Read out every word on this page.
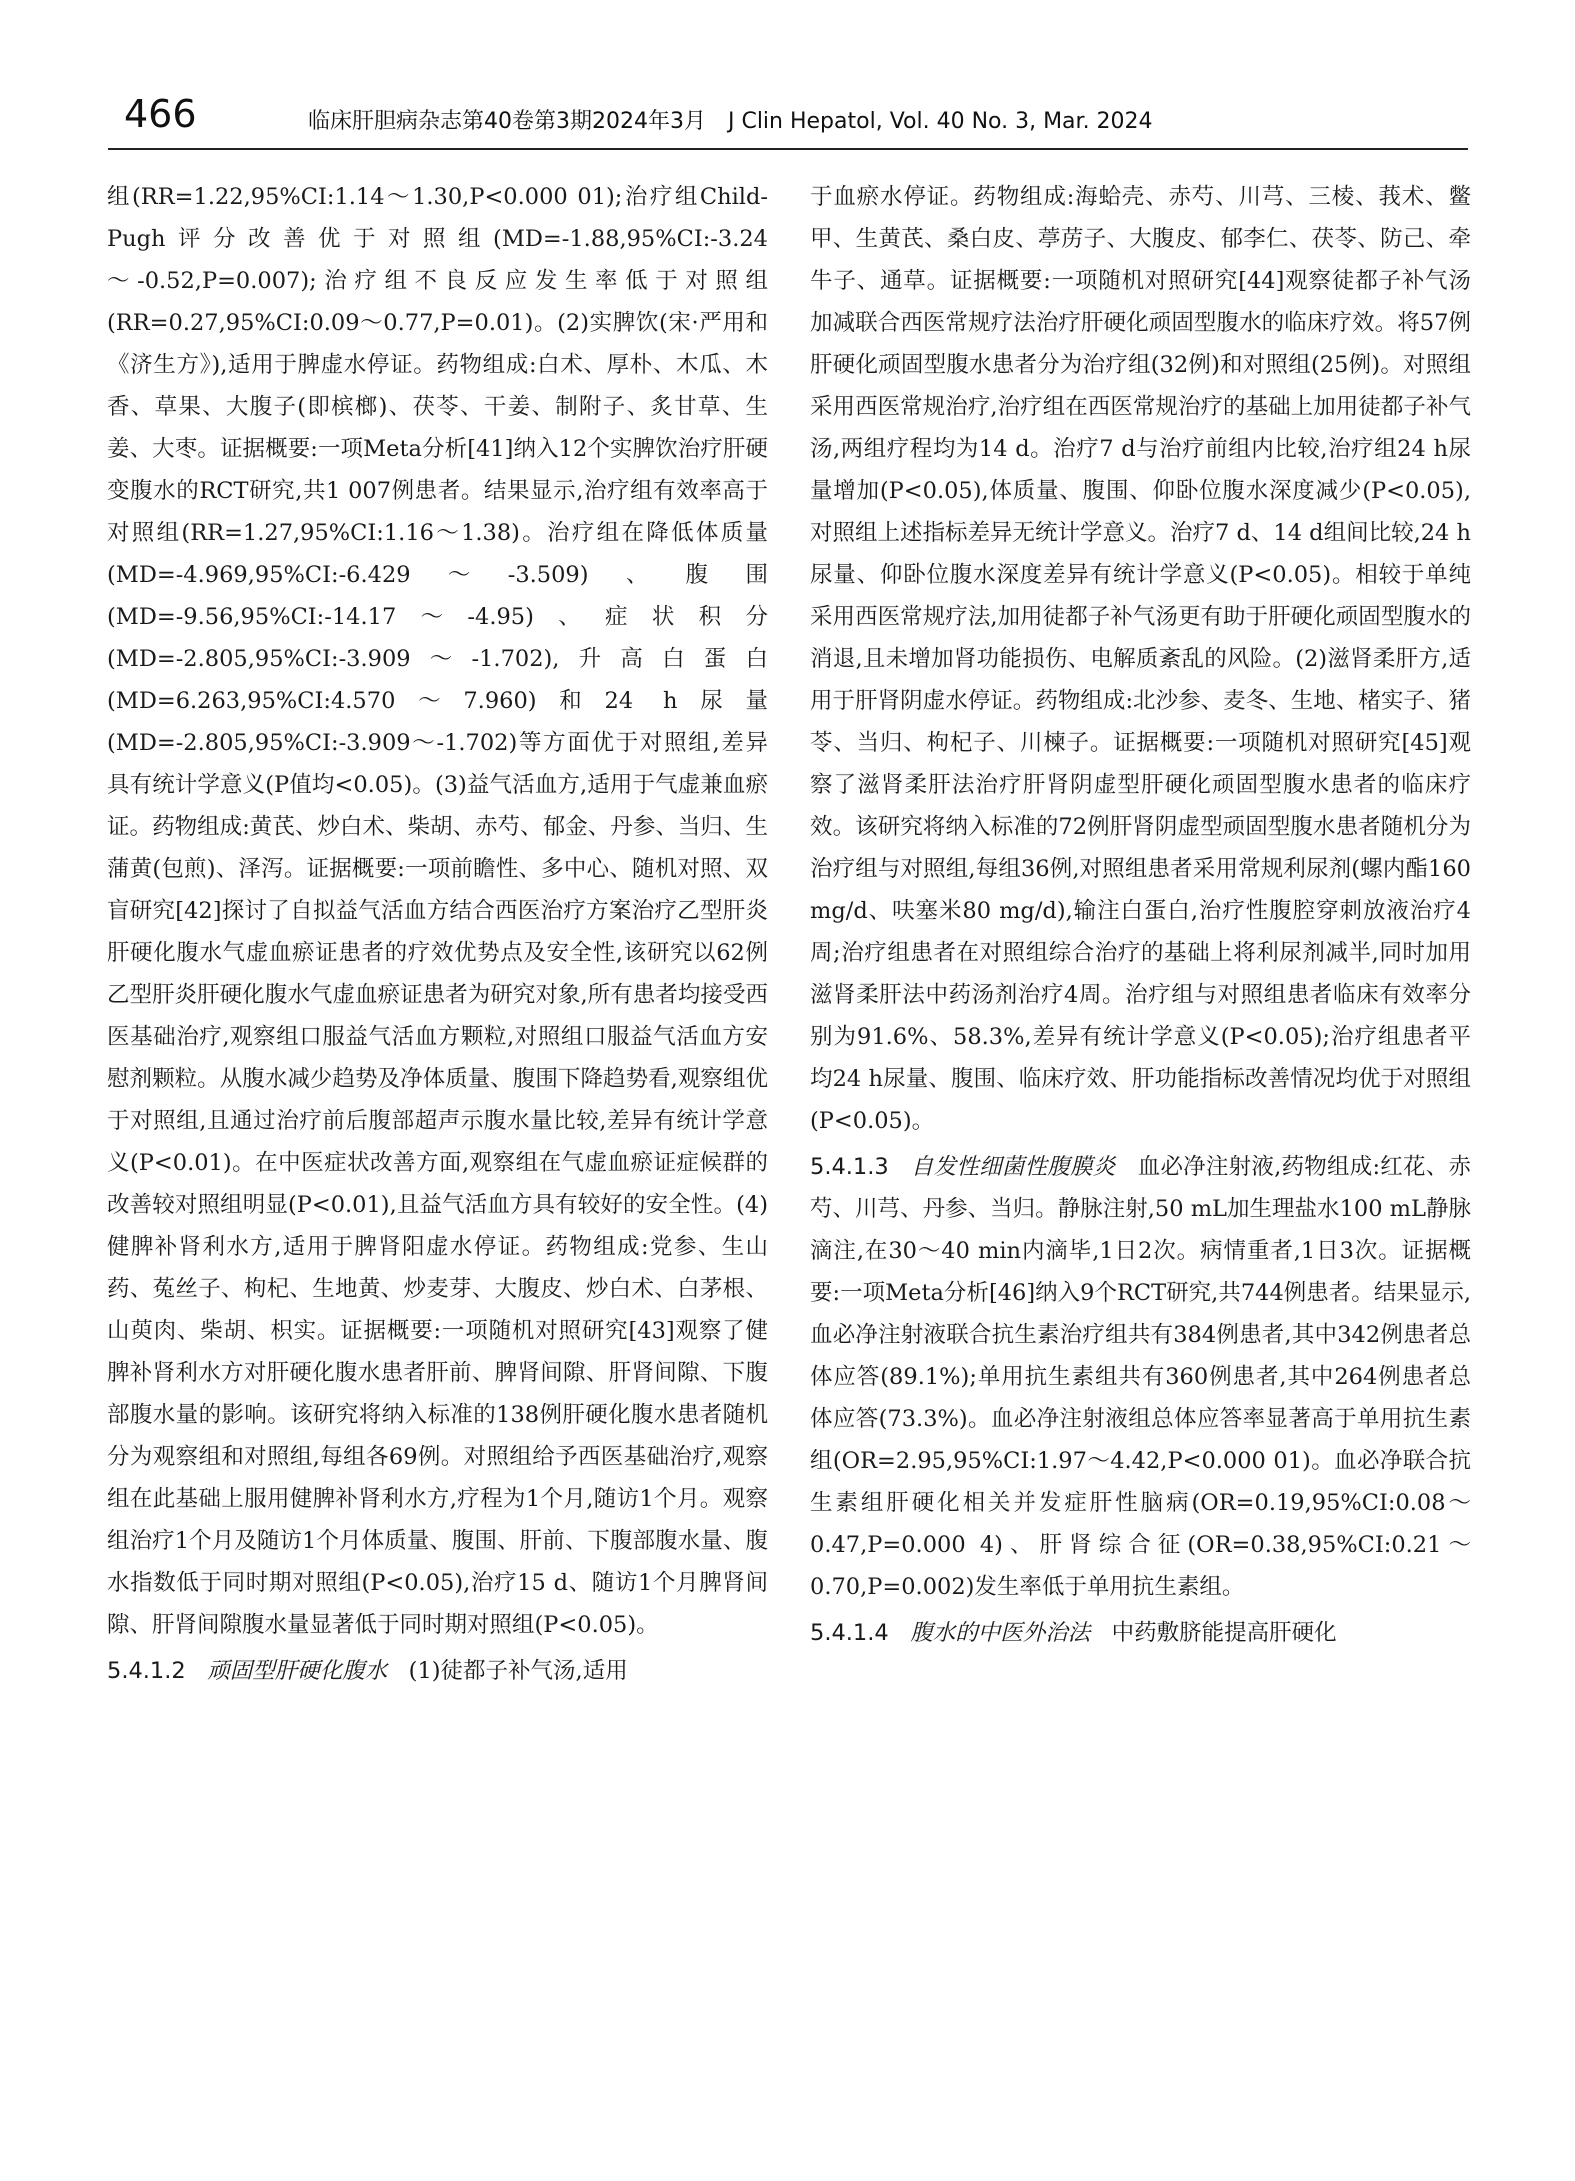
466	临床肝胆病杂志第40卷第3期2024年3月　J Clin Hepatol, Vol. 40 No. 3, Mar. 2024

组(RR=1.22,95%CI:1.14～1.30,P<0.000 01);治疗组Child-Pugh评分改善优于对照组(MD=-1.88,95%CI:-3.24～-0.52,P=0.007);治疗组不良反应发生率低于对照组(RR=0.27,95%CI:0.09～0.77,P=0.01)。(2)实脾饮(宋·严用和《济生方》),适用于脾虚水停证。药物组成:白术、厚朴、木瓜、木香、草果、大腹子(即槟榔)、茯苓、干姜、制附子、炙甘草、生姜、大枣。证据概要:一项Meta分析[41]纳入12个实脾饮治疗肝硬变腹水的RCT研究,共1 007例患者。结果显示,治疗组有效率高于对照组(RR=1.27,95%CI:1.16～1.38)。治疗组在降低体质量(MD=-4.969,95%CI:-6.429～-3.509)、腹围(MD=-9.56,95%CI:-14.17～-4.95)、症状积分(MD=-2.805,95%CI:-3.909～-1.702),升高白蛋白(MD=6.263,95%CI:4.570～7.960)和24 h尿量(MD=-2.805,95%CI:-3.909～-1.702)等方面优于对照组,差异具有统计学意义(P值均<0.05)。(3)益气活血方,适用于气虚兼血瘀证。药物组成:黄芪、炒白术、柴胡、赤芍、郁金、丹参、当归、生蒲黄(包煎)、泽泻。证据概要:一项前瞻性、多中心、随机对照、双盲研究[42]探讨了自拟益气活血方结合西医治疗方案治疗乙型肝炎肝硬化腹水气虚血瘀证患者的疗效优势点及安全性,该研究以62例乙型肝炎肝硬化腹水气虚血瘀证患者为研究对象,所有患者均接受西医基础治疗,观察组口服益气活血方颗粒,对照组口服益气活血方安慰剂颗粒。从腹水减少趋势及净体质量、腹围下降趋势看,观察组优于对照组,且通过治疗前后腹部超声示腹水量比较,差异有统计学意义(P<0.01)。在中医症状改善方面,观察组在气虚血瘀证症候群的改善较对照组明显(P<0.01),且益气活血方具有较好的安全性。(4)健脾补肾利水方,适用于脾肾阳虚水停证。药物组成:党参、生山药、菟丝子、枸杞、生地黄、炒麦芽、大腹皮、炒白术、白茅根、山萸肉、柴胡、枳实。证据概要:一项随机对照研究[43]观察了健脾补肾利水方对肝硬化腹水患者肝前、脾肾间隙、肝肾间隙、下腹部腹水量的影响。该研究将纳入标准的138例肝硬化腹水患者随机分为观察组和对照组,每组各69例。对照组给予西医基础治疗,观察组在此基础上服用健脾补肾利水方,疗程为1个月,随访1个月。观察组治疗1个月及随访1个月体质量、腹围、肝前、下腹部腹水量、腹水指数低于同时期对照组(P<0.05),治疗15 d、随访1个月脾肾间隙、肝肾间隙腹水量显著低于同时期对照组(P<0.05)。

5.4.1.2 顽固型肝硬化腹水 (1)徒都子补气汤,适用

于血瘀水停证。药物组成:海蛤壳、赤芍、川芎、三棱、莪术、鳖甲、生黄芪、桑白皮、葶苈子、大腹皮、郁李仁、茯苓、防己、牵牛子、通草。证据概要:一项随机对照研究[44]观察徒都子补气汤加减联合西医常规疗法治疗肝硬化顽固型腹水的临床疗效。将57例肝硬化顽固型腹水患者分为治疗组(32例)和对照组(25例)。对照组采用西医常规治疗,治疗组在西医常规治疗的基础上加用徒都子补气汤,两组疗程均为14 d。治疗7 d与治疗前组内比较,治疗组24 h尿量增加(P<0.05),体质量、腹围、仰卧位腹水深度减少(P<0.05),对照组上述指标差异无统计学意义。治疗7 d、14 d组间比较,24 h尿量、仰卧位腹水深度差异有统计学意义(P<0.05)。相较于单纯采用西医常规疗法,加用徒都子补气汤更有助于肝硬化顽固型腹水的消退,且未增加肾功能损伤、电解质紊乱的风险。(2)滋肾柔肝方,适用于肝肾阴虚水停证。药物组成:北沙参、麦冬、生地、楮实子、猪苓、当归、枸杞子、川楝子。证据概要:一项随机对照研究[45]观察了滋肾柔肝法治疗肝肾阴虚型肝硬化顽固型腹水患者的临床疗效。该研究将纳入标准的72例肝肾阴虚型顽固型腹水患者随机分为治疗组与对照组,每组36例,对照组患者采用常规利尿剂(螺内酯160 mg/d、呋塞米80 mg/d),输注白蛋白,治疗性腹腔穿刺放液治疗4周;治疗组患者在对照组综合治疗的基础上将利尿剂减半,同时加用滋肾柔肝法中药汤剂治疗4周。治疗组与对照组患者临床有效率分别为91.6%、58.3%,差异有统计学意义(P<0.05);治疗组患者平均24 h尿量、腹围、临床疗效、肝功能指标改善情况均优于对照组(P<0.05)。

5.4.1.3 自发性细菌性腹膜炎 血必净注射液,药物组成:红花、赤芍、川芎、丹参、当归。静脉注射,50 mL加生理盐水100 mL静脉滴注,在30～40 min内滴毕,1日2次。病情重者,1日3次。证据概要:一项Meta分析[46]纳入9个RCT研究,共744例患者。结果显示,血必净注射液联合抗生素治疗组共有384例患者,其中342例患者总体应答(89.1%);单用抗生素组共有360例患者,其中264例患者总体应答(73.3%)。血必净注射液组总体应答率显著高于单用抗生素组(OR=2.95,95%CI:1.97～4.42,P<0.000 01)。血必净联合抗生素组肝硬化相关并发症肝性脑病(OR=0.19,95%CI:0.08～0.47,P=0.000 4)、肝肾综合征(OR=0.38,95%CI:0.21～0.70,P=0.002)发生率低于单用抗生素组。

5.4.1.4 腹水的中医外治法 中药敷脐能提高肝硬化
